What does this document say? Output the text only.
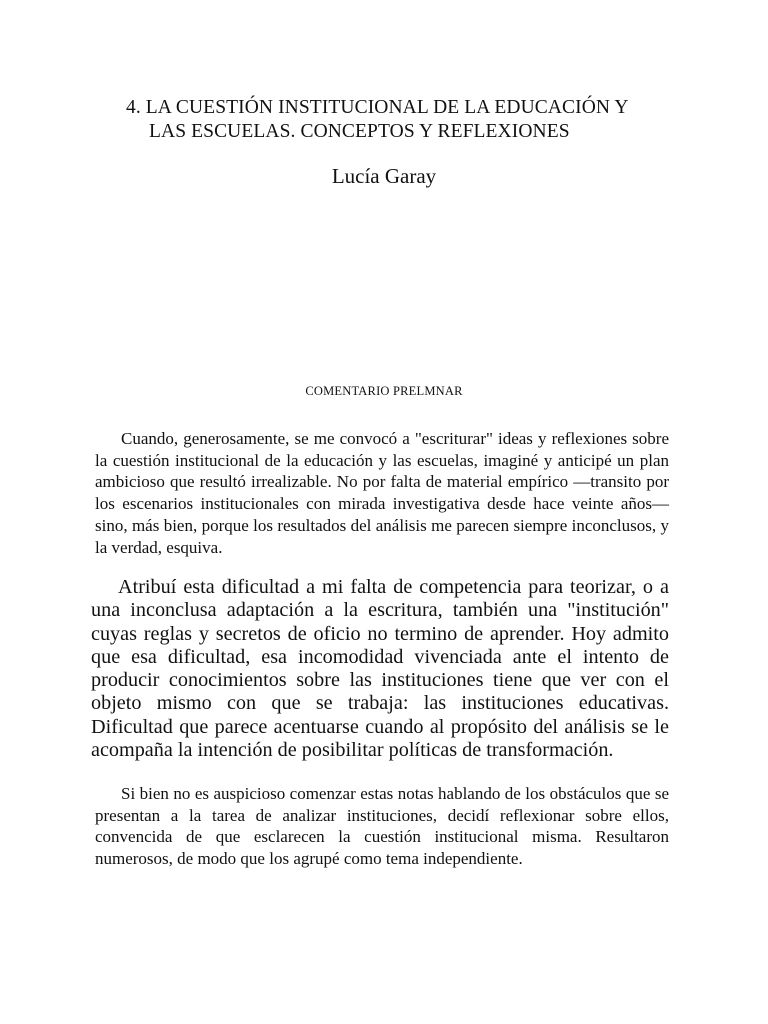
4. LA CUESTIÓN INSTITUCIONAL DE LA EDUCACIÓN Y
LAS ESCUELAS. CONCEPTOS Y REFLEXIONES
Lucía Garay
COMENTARIO PRELMNAR

Cuando, generosamente, se me convocó a "escriturar" ideas y reflexiones sobre la cuestión institucional de la educación y las escuelas, imaginé y anticipé un plan ambicioso que resultó irrealizable. No por falta de material empírico —transito por los escenarios institucionales con mirada investigativa desde hace veinte años— sino, más bien, porque los resultados del análisis me parecen siempre inconclusos, y la verdad, esquiva.

Atribuí esta dificultad a mi falta de competencia para teorizar, o a una inconclusa adaptación a la escritura, también una "institución" cuyas reglas y secretos de oficio no termino de aprender. Hoy admito que esa dificultad, esa incomodidad vivenciada ante el intento de producir conocimientos sobre las instituciones tiene que ver con el objeto mismo con que se trabaja: las instituciones educativas. Dificultad que parece acentuarse cuando al propósito del análisis se le acompaña la intención de posibilitar políticas de transformación.

Si bien no es auspicioso comenzar estas notas hablando de los obstáculos que se presentan a la tarea de analizar instituciones, decidí reflexionar sobre ellos, convencida de que esclarecen la cuestión institucional misma. Resultaron numerosos, de modo que los agrupé como tema independiente.
